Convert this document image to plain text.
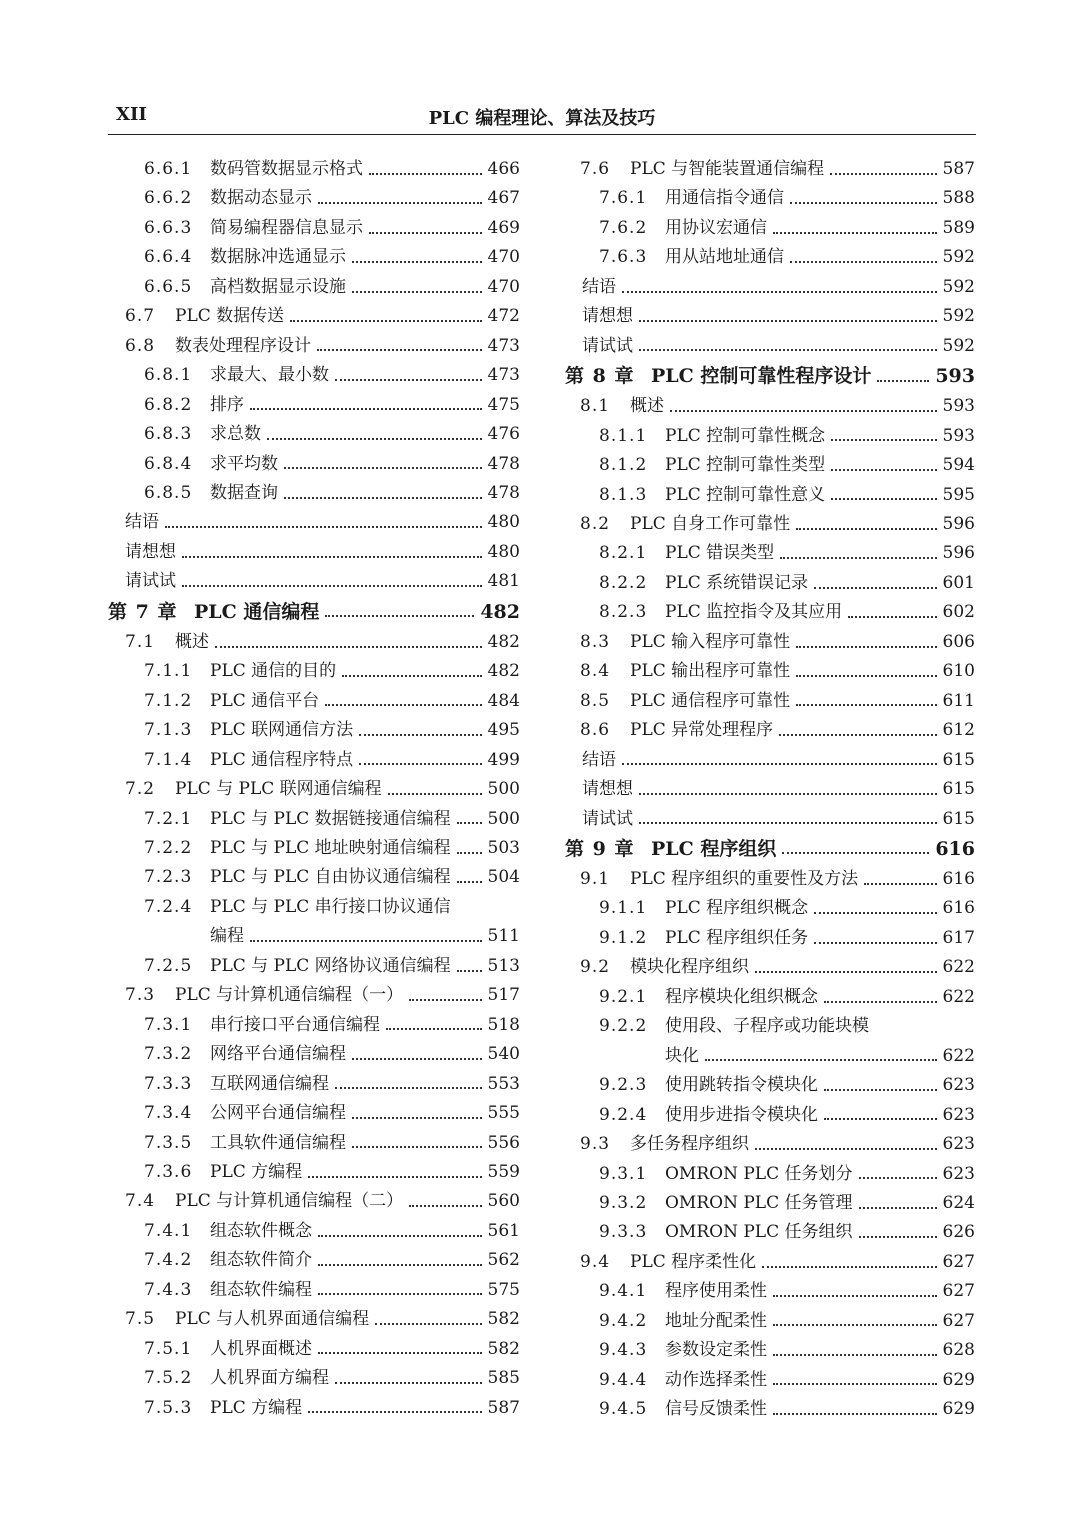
XII	PLC 编程理论、算法及技巧
6.6.1	数码管数据显示格式	466
6.6.2	数据动态显示	467
6.6.3	简易编程器信息显示	469
6.6.4	数据脉冲选通显示	470
6.6.5	高档数据显示设施	470
6.7	PLC 数据传送	472
6.8	数表处理程序设计	473
6.8.1	求最大、最小数	473
6.8.2	排序	475
6.8.3	求总数	476
6.8.4	求平均数	478
6.8.5	数据查询	478
结语	480
请想想	480
请试试	481
第 7 章 PLC 通信编程	482
7.1	概述	482
7.1.1	PLC 通信的目的	482
7.1.2	PLC 通信平台	484
7.1.3	PLC 联网通信方法	495
7.1.4	PLC 通信程序特点	499
7.2	PLC 与 PLC 联网通信编程	500
7.2.1	PLC 与 PLC 数据链接通信编程 500
7.2.2	PLC 与 PLC 地址映射通信编程 503
7.2.3	PLC 与 PLC 自由协议通信编程 504
7.2.4	PLC 与 PLC 串行接口协议通信
编程	511
7.2.5	PLC 与 PLC 网络协议通信编程 513
7.3	PLC 与计算机通信编程（一）	517
7.3.1	串行接口平台通信编程	518
7.3.2	网络平台通信编程	540
7.3.3	互联网通信编程	553
7.3.4	公网平台通信编程	555
7.3.5	工具软件通信编程	556
7.3.6	PLC 方编程	559
7.4	PLC 与计算机通信编程（二）	560
7.4.1	组态软件概念	561
7.4.2	组态软件简介	562
7.4.3	组态软件编程	575
7.5	PLC 与人机界面通信编程	582
7.5.1	人机界面概述	582
7.5.2	人机界面方编程	585
7.5.3	PLC 方编程	587
7.6	PLC 与智能装置通信编程	587
7.6.1	用通信指令通信	588
7.6.2	用协议宏通信	589
7.6.3	用从站地址通信	592
结语	592
请想想	592
请试试	592
第 8 章 PLC 控制可靠性程序设计	593
8.1	概述	593
8.1.1	PLC 控制可靠性概念	593
8.1.2	PLC 控制可靠性类型	594
8.1.3	PLC 控制可靠性意义	595
8.2	PLC 自身工作可靠性	596
8.2.1	PLC 错误类型	596
8.2.2	PLC 系统错误记录	601
8.2.3	PLC 监控指令及其应用	602
8.3	PLC 输入程序可靠性	606
8.4	PLC 输出程序可靠性	610
8.5	PLC 通信程序可靠性	611
8.6	PLC 异常处理程序	612
结语	615
请想想	615
请试试	615
第 9 章 PLC 程序组织	616
9.1	PLC 程序组织的重要性及方法	616
9.1.1	PLC 程序组织概念	616
9.1.2	PLC 程序组织任务	617
9.2	模块化程序组织	622
9.2.1	程序模块化组织概念	622
9.2.2	使用段、子程序或功能块模
块化	622
9.2.3	使用跳转指令模块化	623
9.2.4	使用步进指令模块化	623
9.3	多任务程序组织	623
9.3.1	OMRON PLC 任务划分	623
9.3.2	OMRON PLC 任务管理	624
9.3.3	OMRON PLC 任务组织	626
9.4	PLC 程序柔性化	627
9.4.1	程序使用柔性	627
9.4.2	地址分配柔性	627
9.4.3	参数设定柔性	628
9.4.4	动作选择柔性	629
9.4.5	信号反馈柔性	629
